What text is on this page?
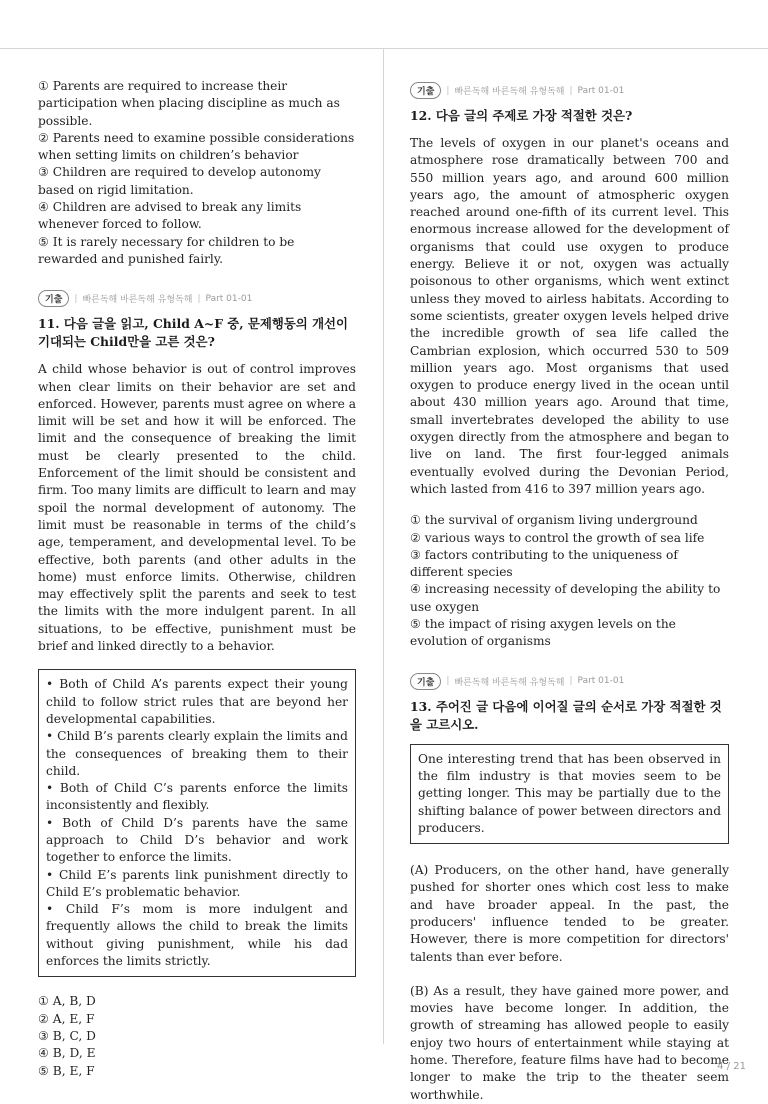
① Parents are required to increase their participation when placing discipline as much as possible.
② Parents need to examine possible considerations when setting limits on children’s behavior
③ Children are required to develop autonomy based on rigid limitation.
④ Children are advised to break any limits whenever forced to follow.
⑤ It is rarely necessary for children to be rewarded and punished fairly.
기출	| 빠른독해 바른독해 유형독해 | Part 01-01
11. 다음 글을 읽고, Child A~F 중, 문제행동의 개선이 기대되는 Child만을 고른 것은?

A child whose behavior is out of control improves when clear limits on their behavior are set and enforced. However, parents must agree on where a limit will be set and how it will be enforced. The limit and the consequence of breaking the limit must be clearly presented to the child. Enforcement of the limit should be consistent and firm. Too many limits are difficult to learn and may spoil the normal development of autonomy. The limit must be reasonable in terms of the child’s age, temperament, and developmental level. To be effective, both parents (and other adults in the home) must enforce limits. Otherwise, children may effectively split the parents and seek to test the limits with the more indulgent parent. In all situations, to be effective, punishment must be brief and linked directly to a behavior.

• Both of Child A’s parents expect their young child to follow strict rules that are beyond her developmental capabilities.

• Child B’s parents clearly explain the limits and the consequences of breaking them to their child.

• Both of Child C’s parents enforce the limits inconsistently and flexibly.

• Both of Child D’s parents have the same approach to Child D’s behavior and work together to enforce the limits.

• Child E’s parents link punishment directly to Child E’s problematic behavior.

• Child F’s mom is more indulgent and frequently allows the child to break the limits without giving punishment, while his dad enforces the limits strictly.

① A, B, D
② A, E, F
③ B, C, D
④ B, D, E
⑤ B, E, F
기출	| 빠른독해 바른독해 유형독해 | Part 01-01
12. 다음 글의 주제로 가장 적절한 것은?

The levels of oxygen in our planet's oceans and atmosphere rose dramatically between 700 and 550 million years ago, and around 600 million years ago, the amount of atmospheric oxygen reached around one-fifth of its current level. This enormous increase allowed for the development of organisms that could use oxygen to produce energy. Believe it or not, oxygen was actually poisonous to other organisms, which went extinct unless they moved to airless habitats. According to some scientists, greater oxygen levels helped drive the incredible growth of sea life called the Cambrian explosion, which occurred 530 to 509 million years ago. Most organisms that used oxygen to produce energy lived in the ocean until about 430 million years ago. Around that time, small invertebrates developed the ability to use oxygen directly from the atmosphere and began to live on land. The first four-legged animals eventually evolved during the Devonian Period, which lasted from 416 to 397 million years ago.

① the survival of organism living underground
② various ways to control the growth of sea life
③ factors contributing to the uniqueness of different species
④ increasing necessity of developing the ability to use oxygen
⑤ the impact of rising axygen levels on the evolution of organisms
기출	| 빠른독해 바른독해 유형독해 | Part 01-01
13. 주어진 글 다음에 이어질 글의 순서로 가장 적절한 것을 고르시오.

One interesting trend that has been observed in the film industry is that movies seem to be getting longer. This may be partially due to the shifting balance of power between directors and producers.

(A) Producers, on the other hand, have generally pushed for shorter ones which cost less to make and have broader appeal. In the past, the producers' influence tended to be greater. However, there is more competition for directors' talents than ever before.

(B) As a result, they have gained more power, and movies have become longer. In addition, the growth of streaming has allowed people to easily enjoy two hours of entertainment while staying at home. Therefore, feature films have had to become longer to make the trip to the theater seem worthwhile.

4 / 21
